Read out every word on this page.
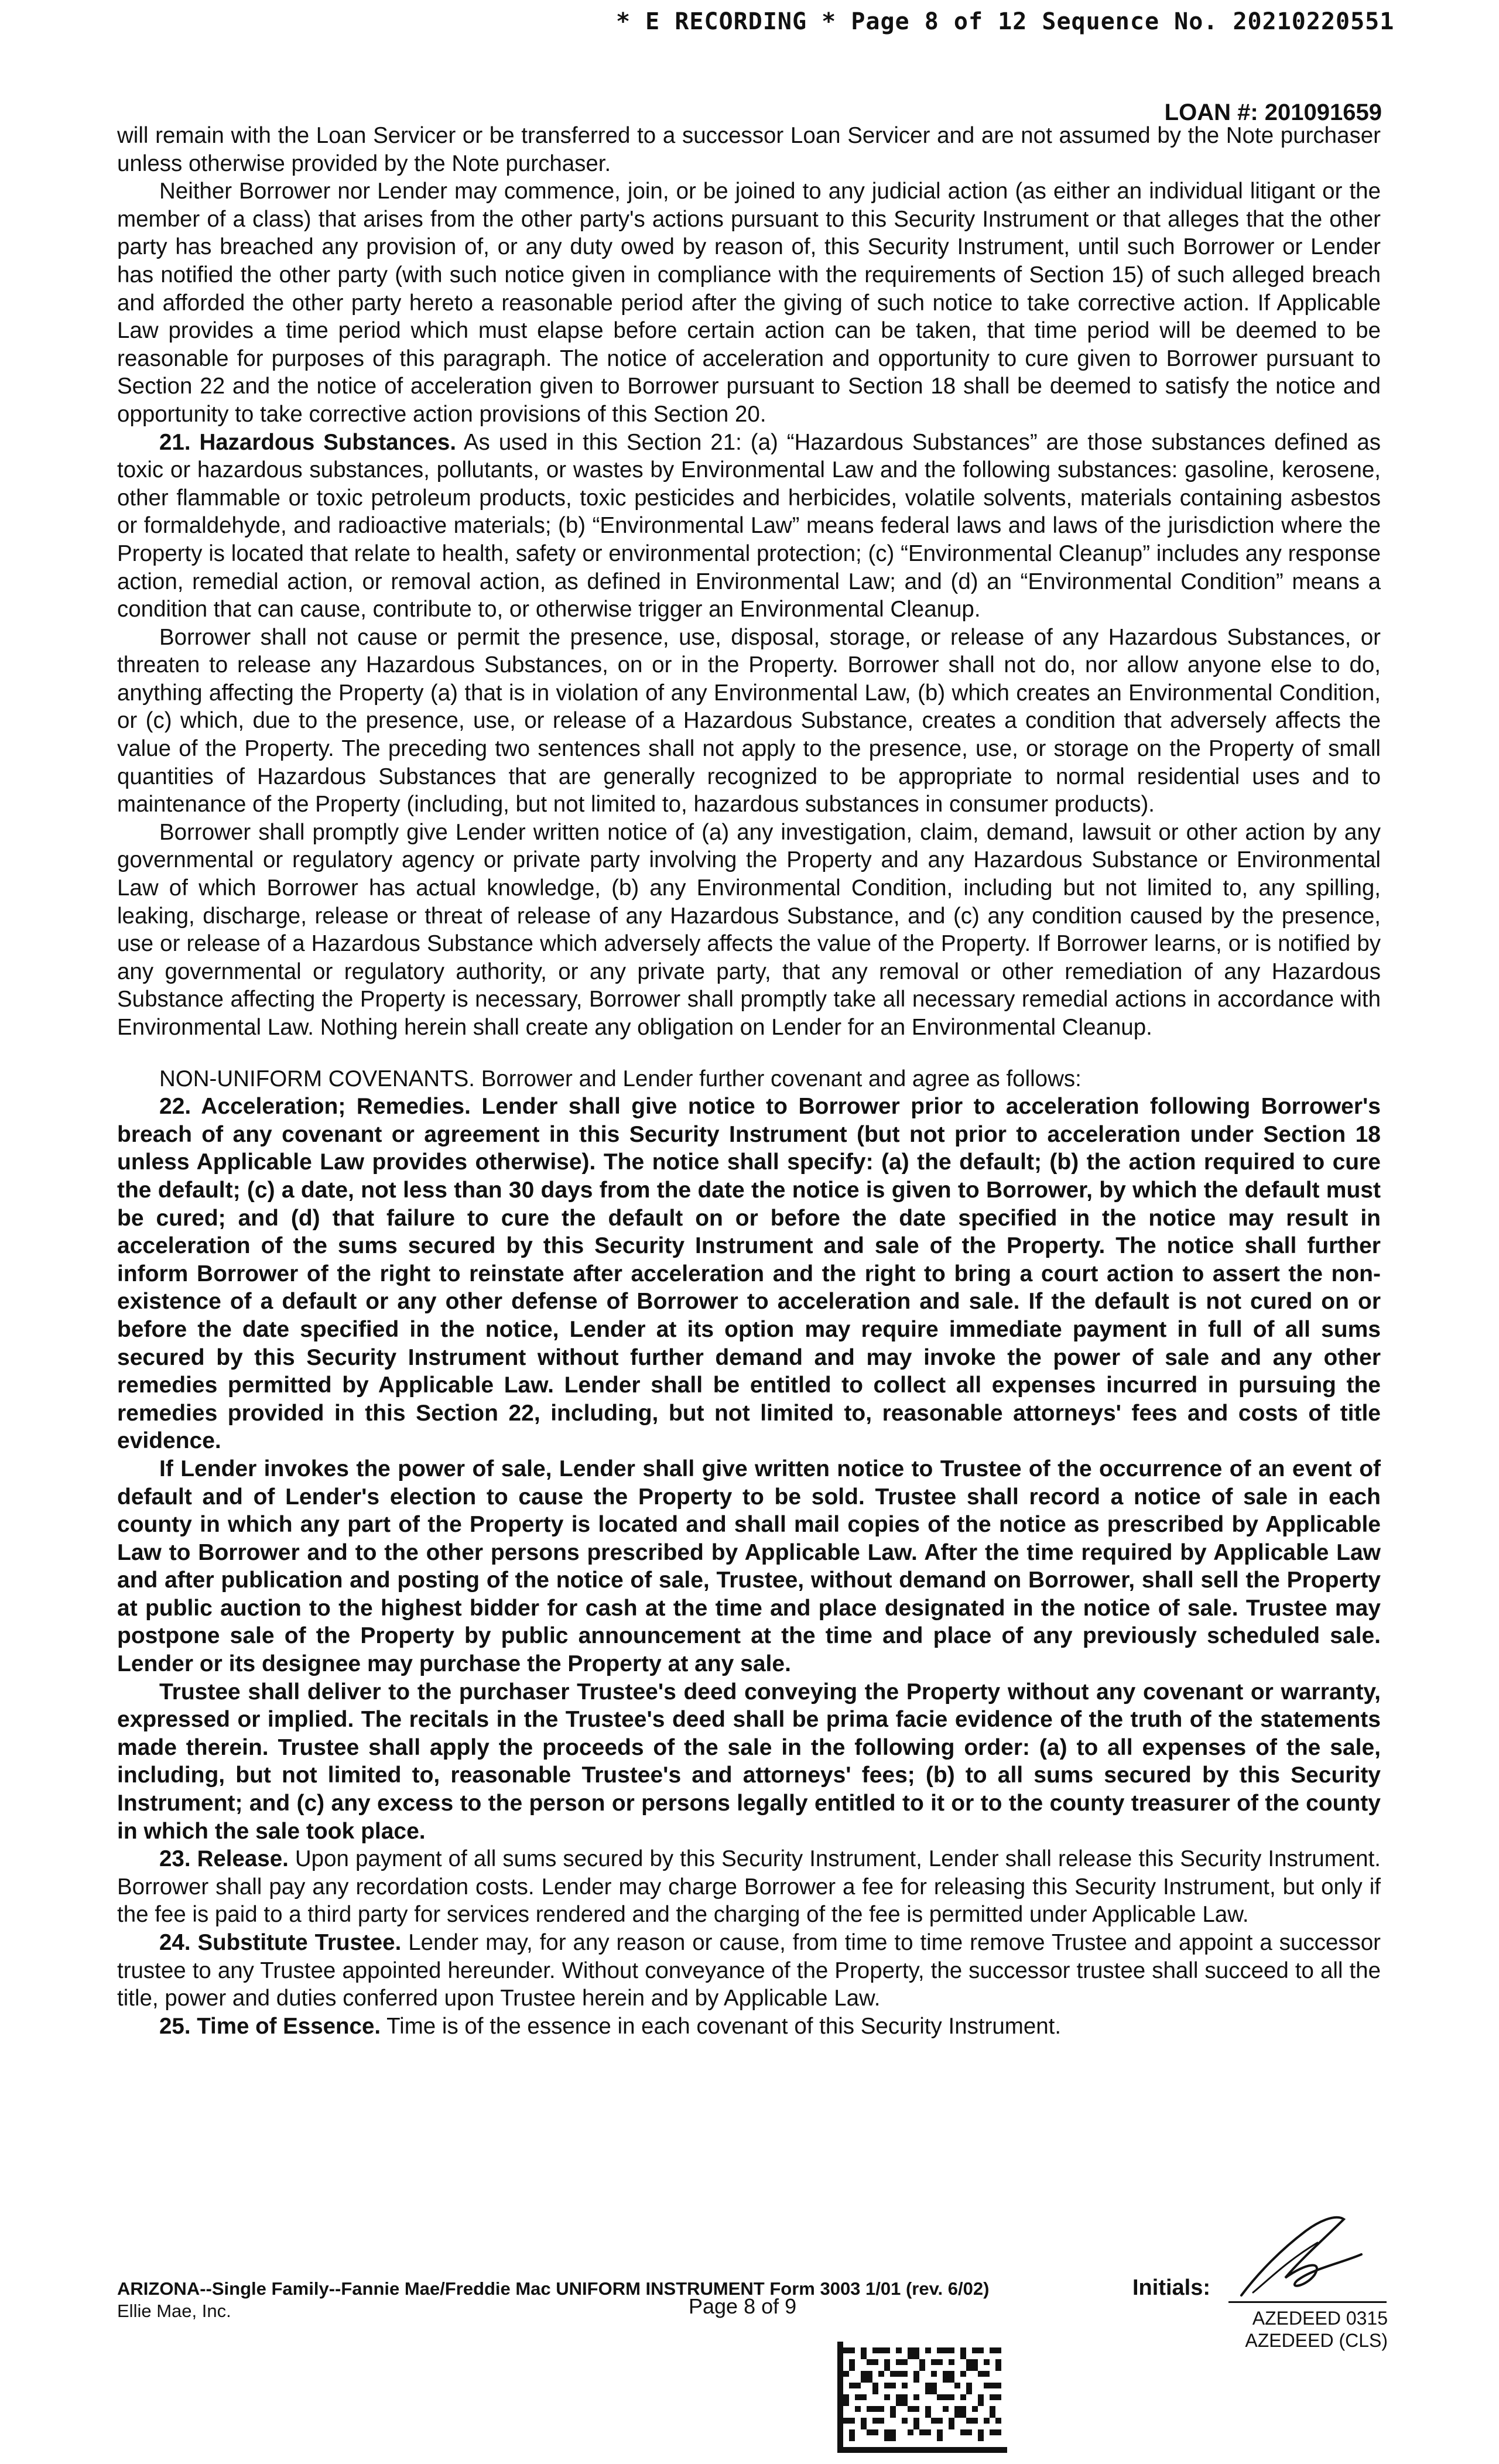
* E RECORDING * Page 8 of 12 Sequence No. 20210220551
LOAN #: 201091659

will remain with the Loan Servicer or be transferred to a successor Loan Servicer and are not assumed by the Note purchaser unless otherwise provided by the Note purchaser.

Neither Borrower nor Lender may commence, join, or be joined to any judicial action (as either an individual litigant or the member of a class) that arises from the other party's actions pursuant to this Security Instrument or that alleges that the other party has breached any provision of, or any duty owed by reason of, this Security Instrument, until such Borrower or Lender has notified the other party (with such notice given in compliance with the requirements of Section 15) of such alleged breach and afforded the other party hereto a reasonable period after the giving of such notice to take corrective action. If Applicable Law provides a time period which must elapse before certain action can be taken, that time period will be deemed to be reasonable for purposes of this paragraph. The notice of acceleration and opportunity to cure given to Borrower pursuant to Section 22 and the notice of acceleration given to Borrower pursuant to Section 18 shall be deemed to satisfy the notice and opportunity to take corrective action provisions of this Section 20.

21. Hazardous Substances. As used in this Section 21: (a) “Hazardous Substances” are those substances defined as toxic or hazardous substances, pollutants, or wastes by Environmental Law and the following substances: gasoline, kerosene, other flammable or toxic petroleum products, toxic pesticides and herbicides, volatile solvents, materials containing asbestos or formaldehyde, and radioactive materials; (b) “Environmental Law” means federal laws and laws of the jurisdiction where the Property is located that relate to health, safety or environmental protection; (c) “Environmental Cleanup” includes any response action, remedial action, or removal action, as defined in Environmental Law; and (d) an “Environmental Condition” means a condition that can cause, contribute to, or otherwise trigger an Environmental Cleanup.

Borrower shall not cause or permit the presence, use, disposal, storage, or release of any Hazardous Substances, or threaten to release any Hazardous Substances, on or in the Property. Borrower shall not do, nor allow anyone else to do, anything affecting the Property (a) that is in violation of any Environmental Law, (b) which creates an Environmental Condition, or (c) which, due to the presence, use, or release of a Hazardous Substance, creates a condition that adversely affects the value of the Property. The preceding two sentences shall not apply to the presence, use, or storage on the Property of small quantities of Hazardous Substances that are generally recognized to be appropriate to normal residential uses and to maintenance of the Property (including, but not limited to, hazardous substances in consumer products).

Borrower shall promptly give Lender written notice of (a) any investigation, claim, demand, lawsuit or other action by any governmental or regulatory agency or private party involving the Property and any Hazardous Substance or Environmental Law of which Borrower has actual knowledge, (b) any Environmental Condition, including but not limited to, any spilling, leaking, discharge, release or threat of release of any Hazardous Substance, and (c) any condition caused by the presence, use or release of a Hazardous Substance which adversely affects the value of the Property. If Borrower learns, or is notified by any governmental or regulatory authority, or any private party, that any removal or other remediation of any Hazardous Substance affecting the Property is necessary, Borrower shall promptly take all necessary remedial actions in accordance with Environmental Law. Nothing herein shall create any obligation on Lender for an Environmental Cleanup.

NON-UNIFORM COVENANTS. Borrower and Lender further covenant and agree as follows:

22. Acceleration; Remedies. Lender shall give notice to Borrower prior to acceleration following Borrower's breach of any covenant or agreement in this Security Instrument (but not prior to acceleration under Section 18 unless Applicable Law provides otherwise). The notice shall specify: (a) the default; (b) the action required to cure the default; (c) a date, not less than 30 days from the date the notice is given to Borrower, by which the default must be cured; and (d) that failure to cure the default on or before the date specified in the notice may result in acceleration of the sums secured by this Security Instrument and sale of the Property. The notice shall further inform Borrower of the right to reinstate after acceleration and the right to bring a court action to assert the non-existence of a default or any other defense of Borrower to acceleration and sale. If the default is not cured on or before the date specified in the notice, Lender at its option may require immediate payment in full of all sums secured by this Security Instrument without further demand and may invoke the power of sale and any other remedies permitted by Applicable Law. Lender shall be entitled to collect all expenses incurred in pursuing the remedies provided in this Section 22, including, but not limited to, reasonable attorneys' fees and costs of title evidence.

If Lender invokes the power of sale, Lender shall give written notice to Trustee of the occurrence of an event of default and of Lender's election to cause the Property to be sold. Trustee shall record a notice of sale in each county in which any part of the Property is located and shall mail copies of the notice as prescribed by Applicable Law to Borrower and to the other persons prescribed by Applicable Law. After the time required by Applicable Law and after publication and posting of the notice of sale, Trustee, without demand on Borrower, shall sell the Property at public auction to the highest bidder for cash at the time and place designated in the notice of sale. Trustee may postpone sale of the Property by public announcement at the time and place of any previously scheduled sale. Lender or its designee may purchase the Property at any sale.

Trustee shall deliver to the purchaser Trustee's deed conveying the Property without any covenant or warranty, expressed or implied. The recitals in the Trustee's deed shall be prima facie evidence of the truth of the statements made therein. Trustee shall apply the proceeds of the sale in the following order: (a) to all expenses of the sale, including, but not limited to, reasonable Trustee's and attorneys' fees; (b) to all sums secured by this Security Instrument; and (c) any excess to the person or persons legally entitled to it or to the county treasurer of the county in which the sale took place.

23. Release. Upon payment of all sums secured by this Security Instrument, Lender shall release this Security Instrument. Borrower shall pay any recordation costs. Lender may charge Borrower a fee for releasing this Security Instrument, but only if the fee is paid to a third party for services rendered and the charging of the fee is permitted under Applicable Law.

24. Substitute Trustee. Lender may, for any reason or cause, from time to time remove Trustee and appoint a successor trustee to any Trustee appointed hereunder. Without conveyance of the Property, the successor trustee shall succeed to all the title, power and duties conferred upon Trustee herein and by Applicable Law.

25. Time of Essence. Time is of the essence in each covenant of this Security Instrument.

ARIZONA--Single Family--Fannie Mae/Freddie Mac UNIFORM INSTRUMENT Form 3003 1/01 (rev. 6/02)
Ellie Mae, Inc.	Page 8 of 9
Initials:
AZEDEED 0315
AZEDEED (CLS)
